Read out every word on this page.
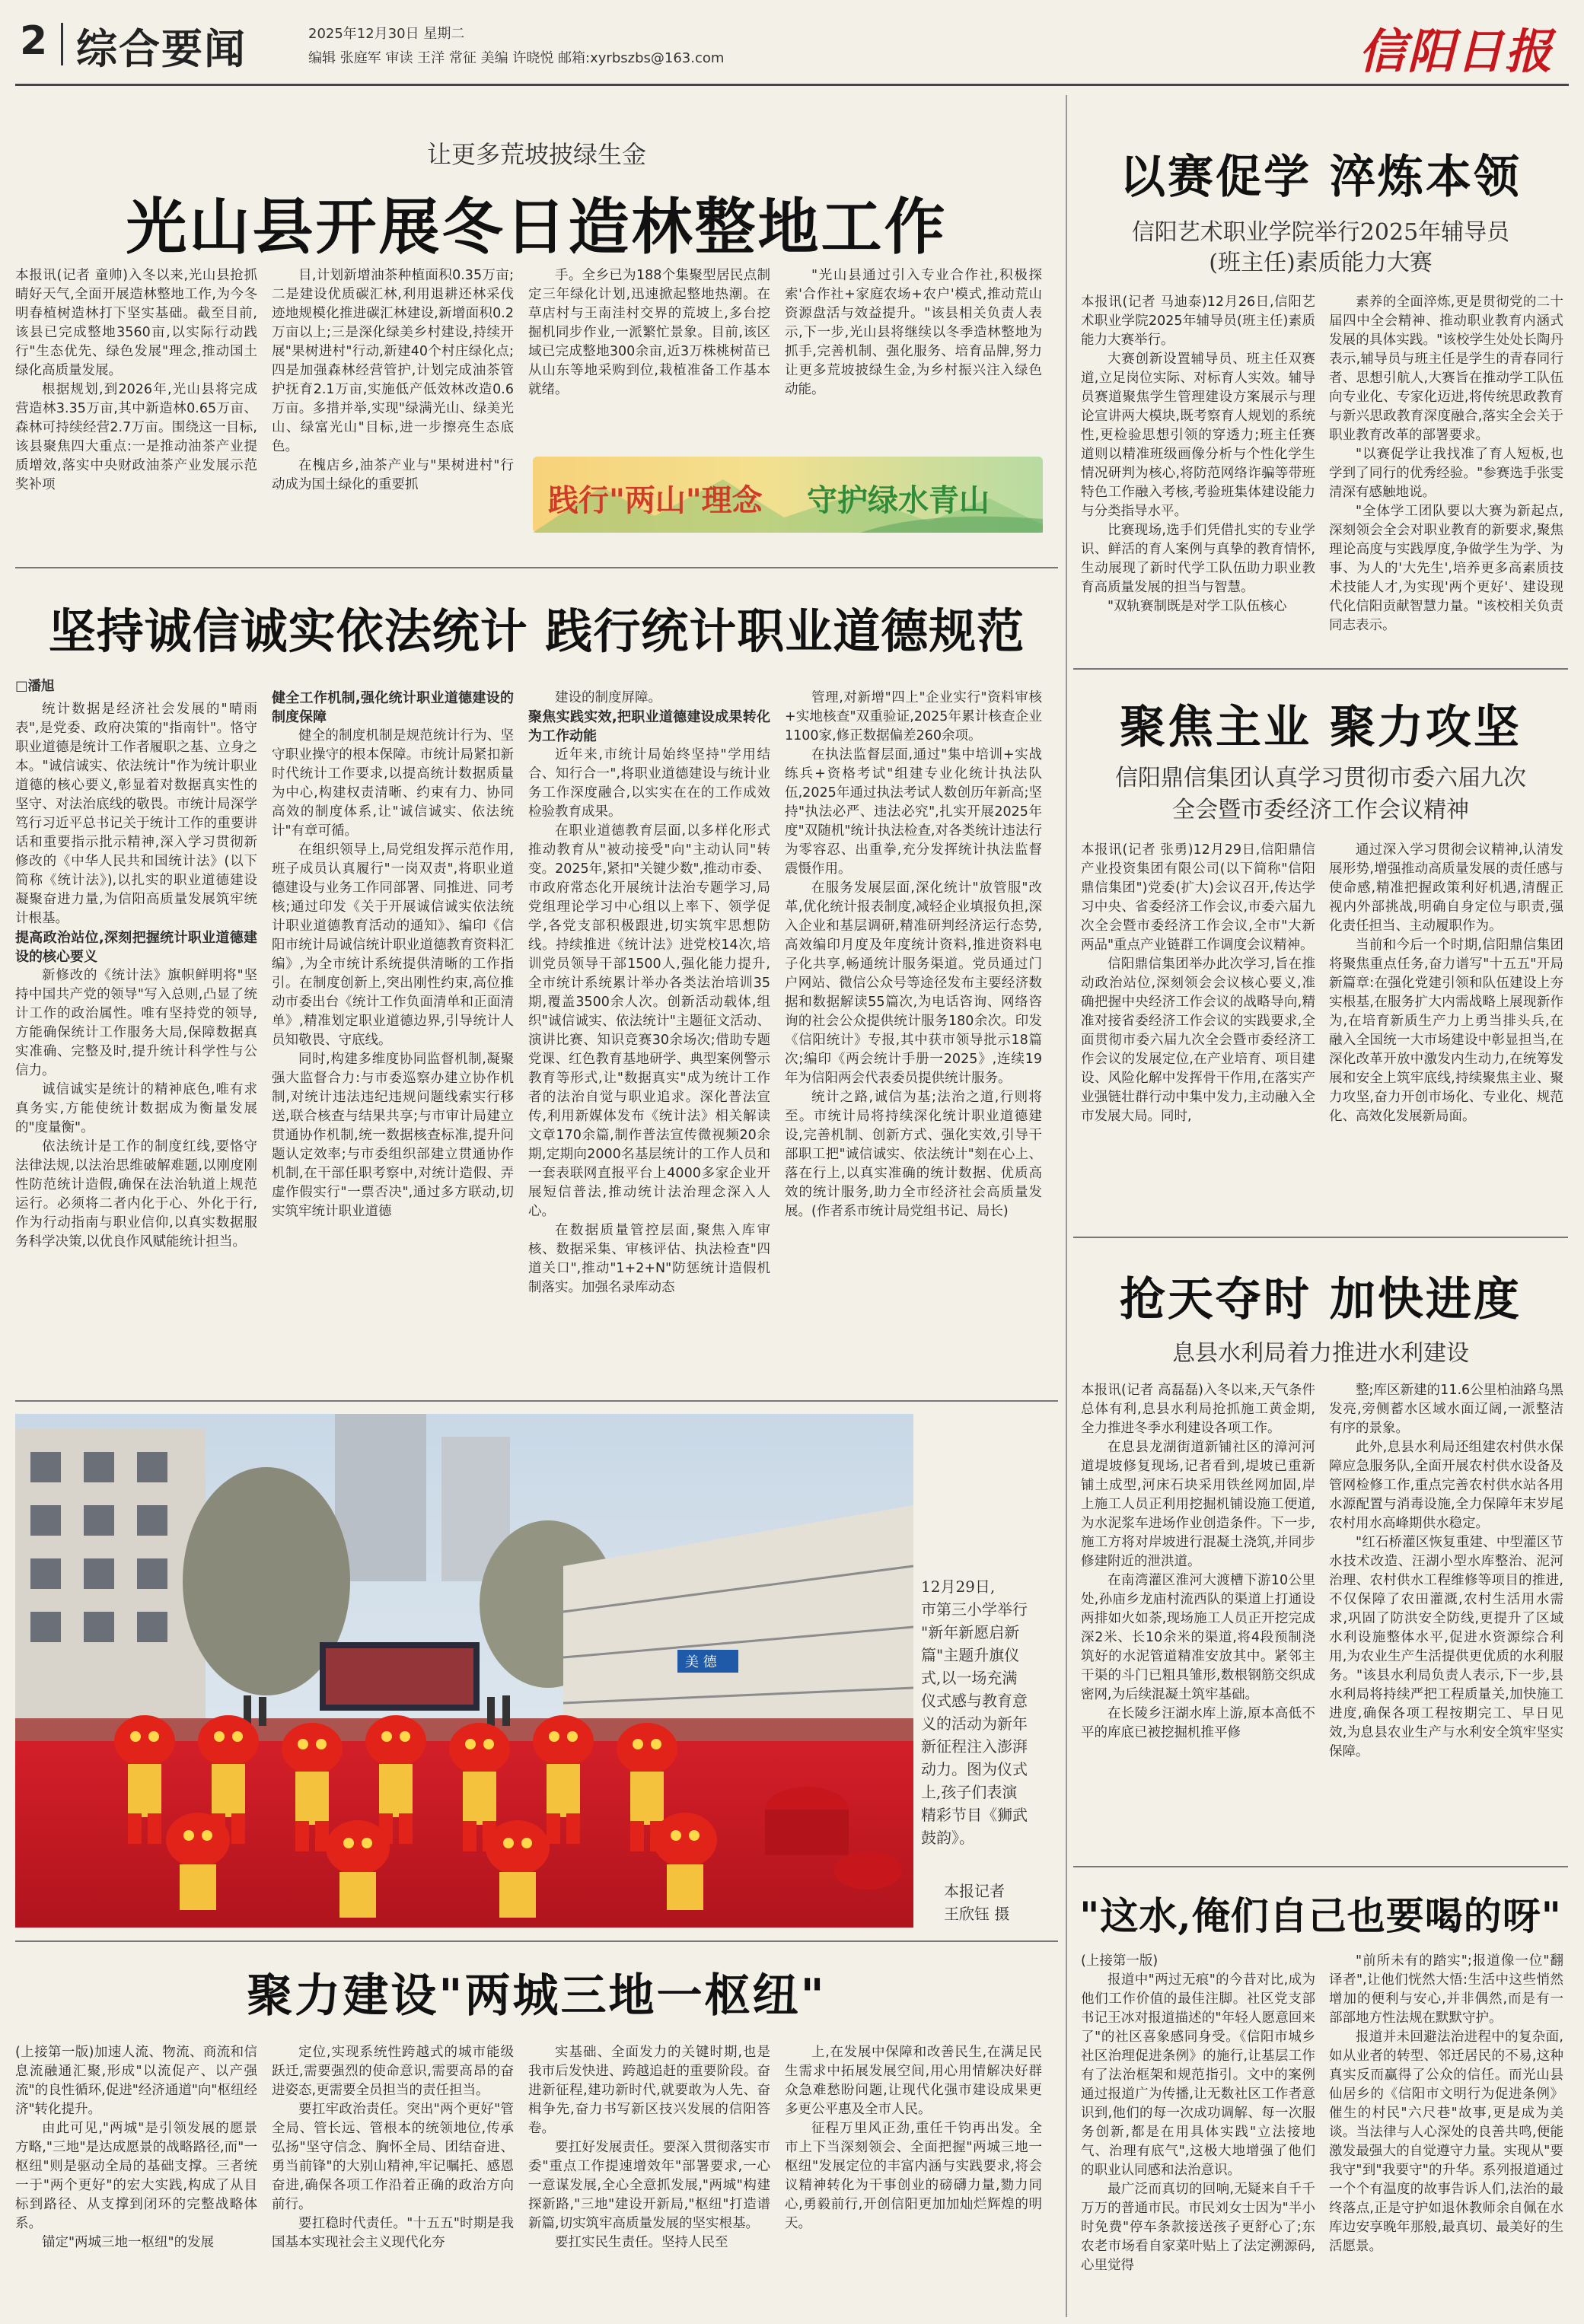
2 综合要闻	2025年12月30日 星期二
编辑 张庭军 审读 王洋 常征 美编 许晓悦 邮箱:xyrbszbs@163.com	信阳日报
让更多荒坡披绿生金
光山县开展冬日造林整地工作

本报讯(记者 童帅)入冬以来,光山县抢抓晴好天气,全面开展造林整地工作,为今冬明春植树造林打下坚实基础。截至目前,该县已完成整地3560亩,以实际行动践行"生态优先、绿色发展"理念,推动国土绿化高质量发展。

根据规划,到2026年,光山县将完成营造林3.35万亩,其中新造林0.65万亩、森林可持续经营2.7万亩。围绕这一目标,该县聚焦四大重点:一是推动油茶产业提质增效,落实中央财政油茶产业发展示范奖补项

目,计划新增油茶种植面积0.35万亩;二是建设优质碳汇林,利用退耕还林采伐迹地规模化推进碳汇林建设,新增面积0.2万亩以上;三是深化绿美乡村建设,持续开展"果树进村"行动,新建40个村庄绿化点;四是加强森林经营管护,计划完成油茶管护抚育2.1万亩,实施低产低效林改造0.6万亩。多措并举,实现"绿满光山、绿美光山、绿富光山"目标,进一步擦亮生态底色。

在槐店乡,油茶产业与"果树进村"行动成为国土绿化的重要抓

手。全乡已为188个集聚型居民点制定三年绿化计划,迅速掀起整地热潮。在草店村与王南洼村交界的荒坡上,多台挖掘机同步作业,一派繁忙景象。目前,该区域已完成整地300余亩,近3万株桃树苗已从山东等地采购到位,栽植准备工作基本就绪。

"光山县通过引入专业合作社,积极探索'合作社+家庭农场+农户'模式,推动荒山资源盘活与效益提升。"该县相关负责人表示,下一步,光山县将继续以冬季造林整地为抓手,完善机制、强化服务、培育品牌,努力让更多荒坡披绿生金,为乡村振兴注入绿色动能。

践行"两山"理念 守护绿水青山
坚持诚信诚实依法统计 践行统计职业道德规范
□潘旭

统计数据是经济社会发展的"晴雨表",是党委、政府决策的"指南针"。恪守职业道德是统计工作者履职之基、立身之本。"诚信诚实、依法统计"作为统计职业道德的核心要义,彰显着对数据真实性的坚守、对法治底线的敬畏。市统计局深学笃行习近平总书记关于统计工作的重要讲话和重要指示批示精神,深入学习贯彻新修改的《中华人民共和国统计法》(以下简称《统计法》),以扎实的职业道德建设凝聚奋进力量,为信阳高质量发展筑牢统计根基。

提高政治站位,深刻把握统计职业道德建设的核心要义

新修改的《统计法》旗帜鲜明将"坚持中国共产党的领导"写入总则,凸显了统计工作的政治属性。唯有坚持党的领导,方能确保统计工作服务大局,保障数据真实准确、完整及时,提升统计科学性与公信力。

诚信诚实是统计的精神底色,唯有求真务实,方能使统计数据成为衡量发展的"度量衡"。

依法统计是工作的制度红线,要恪守法律法规,以法治思维破解难题,以刚度刚性防范统计造假,确保在法治轨道上规范运行。必须将二者内化于心、外化于行,作为行动指南与职业信仰,以真实数据服务科学决策,以优良作风赋能统计担当。

健全工作机制,强化统计职业道德建设的制度保障

健全的制度机制是规范统计行为、坚守职业操守的根本保障。市统计局紧扣新时代统计工作要求,以提高统计数据质量为中心,构建权责清晰、约束有力、协同高效的制度体系,让"诚信诚实、依法统计"有章可循。

在组织领导上,局党组发挥示范作用,班子成员认真履行"一岗双责",将职业道德建设与业务工作同部署、同推进、同考核;通过印发《关于开展诚信诚实依法统计职业道德教育活动的通知》、编印《信阳市统计局诚信统计职业道德教育资料汇编》,为全市统计系统提供清晰的工作指引。在制度创新上,突出刚性约束,高位推动市委出台《统计工作负面清单和正面清单》,精准划定职业道德边界,引导统计人员知敬畏、守底线。

同时,构建多维度协同监督机制,凝聚强大监督合力:与市委巡察办建立协作机制,对统计违法违纪违规问题线索实行移送,联合核查与结果共享;与市审计局建立贯通协作机制,统一数据核查标准,提升问题认定效率;与市委组织部建立贯通协作机制,在干部任职考察中,对统计造假、弄虚作假实行"一票否决",通过多方联动,切实筑牢统计职业道德

建设的制度屏障。

聚焦实践实效,把职业道德建设成果转化为工作动能

近年来,市统计局始终坚持"学用结合、知行合一",将职业道德建设与统计业务工作深度融合,以实实在在的工作成效检验教育成果。

在职业道德教育层面,以多样化形式推动教育从"被动接受"向"主动认同"转变。2025年,紧扣"关键少数",推动市委、市政府常态化开展统计法治专题学习,局党组理论学习中心组以上率下、领学促学,各党支部积极跟进,切实筑牢思想防线。持续推进《统计法》进党校14次,培训党员领导干部1500人,强化能力提升,全市统计系统累计举办各类法治培训35期,覆盖3500余人次。创新活动载体,组织"诚信诚实、依法统计"主题征文活动、演讲比赛、知识竞赛30余场次;借助专题党课、红色教育基地研学、典型案例警示教育等形式,让"数据真实"成为统计工作者的法治自觉与职业追求。深化普法宣传,利用新媒体发布《统计法》相关解读文章170余篇,制作普法宣传微视频20余期,定期向2000名基层统计的工作人员和一套表联网直报平台上4000多家企业开展短信普法,推动统计法治理念深入人心。

在数据质量管控层面,聚焦入库审核、数据采集、审核评估、执法检查"四道关口",推动"1+2+N"防惩统计造假机制落实。加强名录库动态

管理,对新增"四上"企业实行"资料审核+实地核查"双重验证,2025年累计核查企业1100家,修正数据偏差260余项。

在执法监督层面,通过"集中培训+实战练兵+资格考试"组建专业化统计执法队伍,2025年通过执法考试人数创历年新高;坚持"执法必严、违法必究",扎实开展2025年度"双随机"统计执法检查,对各类统计违法行为零容忍、出重拳,充分发挥统计执法监督震慑作用。

在服务发展层面,深化统计"放管服"改革,优化统计报表制度,减轻企业填报负担,深入企业和基层调研,精准研判经济运行态势,高效编印月度及年度统计资料,推进资料电子化共享,畅通统计服务渠道。党员通过门户网站、微信公众号等途径发布主要经济数据和数据解读55篇次,为电话咨询、网络咨询的社会公众提供统计服务180余次。印发《信阳统计》专报,其中获市领导批示18篇次;编印《两会统计手册一2025》,连续19年为信阳两会代表委员提供统计服务。

统计之路,诚信为基;法治之道,行则将至。市统计局将持续深化统计职业道德建设,完善机制、创新方式、强化实效,引导干部职工把"诚信诚实、依法统计"刻在心上、落在行上,以真实准确的统计数据、优质高效的统计服务,助力全市经济社会高质量发展。(作者系市统计局党组书记、局长)

美 德
12月29日,
市第三小学举行
"新年新愿启新
篇"主题升旗仪
式,以一场充满
仪式感与教育意
义的活动为新年
新征程注入澎湃
动力。图为仪式
上,孩子们表演
精彩节目《狮武
鼓韵》。
本报记者
王欣钰 摄
聚力建设"两城三地一枢纽"

(上接第一版)加速人流、物流、商流和信息流融通汇聚,形成"以流促产、以产强流"的良性循环,促进"经济通道"向"枢纽经济"转化提升。

由此可见,"两城"是引领发展的愿景方略,"三地"是达成愿景的战略路径,而"一枢纽"则是驱动全局的基础支撑。三者统一于"两个更好"的宏大实践,构成了从目标到路径、从支撑到闭环的完整战略体系。

锚定"两城三地一枢纽"的发展

定位,实现系统性跨越式的城市能级跃迁,需要强烈的使命意识,需要高昂的奋进姿态,更需要全员担当的责任担当。

要扛牢政治责任。突出"两个更好"管全局、管长远、管根本的统领地位,传承弘扬"坚守信念、胸怀全局、团结奋进、勇当前锋"的大别山精神,牢记嘱托、感恩奋进,确保各项工作沿着正确的政治方向前行。

要扛稳时代责任。"十五五"时期是我国基本实现社会主义现代化夯

实基础、全面发力的关键时期,也是我市后发快进、跨越追赶的重要阶段。奋进新征程,建功新时代,就要敢为人先、奋楫争先,奋力书写新区技兴发展的信阳答卷。

要扛好发展责任。要深入贯彻落实市委"重点工作提速增效年"部署要求,一心一意谋发展,全心全意抓发展,"两城"构建探新路,"三地"建设开新局,"枢纽"打造谱新篇,切实筑牢高质量发展的坚实根基。

要扛实民生责任。坚持人民至

上,在发展中保障和改善民生,在满足民生需求中拓展发展空间,用心用情解决好群众急难愁盼问题,让现代化强市建设成果更多更公平惠及全市人民。

征程万里风正劲,重任千钧再出发。全市上下当深刻领会、全面把握"两城三地一枢纽"发展定位的丰富内涵与实践要求,将会议精神转化为干事创业的磅礴力量,勠力同心,勇毅前行,开创信阳更加加灿烂辉煌的明天。

以赛促学 淬炼本领
信阳艺术职业学院举行2025年辅导员
(班主任)素质能力大赛

本报讯(记者 马迪泰)12月26日,信阳艺术职业学院2025年辅导员(班主任)素质能力大赛举行。

大赛创新设置辅导员、班主任双赛道,立足岗位实际、对标育人实效。辅导员赛道聚焦学生管理建设方案展示与理论宣讲两大模块,既考察育人规划的系统性,更检验思想引领的穿透力;班主任赛道则以精准班级画像分析与个性化学生情况研判为核心,将防范网络诈骗等带班特色工作融入考核,考验班集体建设能力与分类指导水平。

比赛现场,选手们凭借扎实的专业学识、鲜活的育人案例与真挚的教育情怀,生动展现了新时代学工队伍助力职业教育高质量发展的担当与智慧。

"双轨赛制既是对学工队伍核心

素养的全面淬炼,更是贯彻党的二十届四中全会精神、推动职业教育内涵式发展的具体实践。"该校学生处处长陶丹表示,辅导员与班主任是学生的青春同行者、思想引航人,大赛旨在推动学工队伍向专业化、专家化迈进,将传统思政教育与新兴思政教育深度融合,落实全会关于职业教育改革的部署要求。

"以赛促学让我找准了育人短板,也学到了同行的优秀经验。"参赛选手张雯清深有感触地说。

"全体学工团队要以大赛为新起点,深刻领会全会对职业教育的新要求,聚焦理论高度与实践厚度,争做学生为学、为事、为人的'大先生',培养更多高素质技术技能人才,为实现'两个更好'、建设现代化信阳贡献智慧力量。"该校相关负责同志表示。

聚焦主业 聚力攻坚
信阳鼎信集团认真学习贯彻市委六届九次
全会暨市委经济工作会议精神

本报讯(记者 张勇)12月29日,信阳鼎信产业投资集团有限公司(以下简称"信阳鼎信集团")党委(扩大)会议召开,传达学习中央、省委经济工作会议,市委六届九次全会暨市委经济工作会议,全市"大新两品"重点产业链群工作调度会议精神。

信阳鼎信集团举办此次学习,旨在推动政治站位,深刻领会会议核心要义,准确把握中央经济工作会议的战略导向,精准对接省委经济工作会议的实践要求,全面贯彻市委六届九次全会暨市委经济工作会议的发展定位,在产业培育、项目建设、风险化解中发挥骨干作用,在落实产业强链壮群行动中集中发力,主动融入全市发展大局。同时,

通过深入学习贯彻会议精神,认清发展形势,增强推动高质量发展的责任感与使命感,精准把握政策利好机遇,清醒正视内外部挑战,明确自身定位与职责,强化责任担当、主动履职作为。

当前和今后一个时期,信阳鼎信集团将聚焦重点任务,奋力谱写"十五五"开局新篇章:在强化党建引领和队伍建设上夯实根基,在服务扩大内需战略上展现新作为,在培育新质生产力上勇当排头兵,在融入全国统一大市场建设中彰显担当,在深化改革开放中激发内生动力,在统筹发展和安全上筑牢底线,持续聚焦主业、聚力攻坚,奋力开创市场化、专业化、规范化、高效化发展新局面。

抢天夺时 加快进度
息县水利局着力推进水利建设

本报讯(记者 高磊磊)入冬以来,天气条件总体有利,息县水利局抢抓施工黄金期,全力推进冬季水利建设各项工作。

在息县龙湖街道新铺社区的漳河河道堤坡修复现场,记者看到,堤坡已重新铺土成型,河床石块采用铁丝网加固,岸上施工人员正利用挖掘机铺设施工便道,为水泥浆车进场作业创造条件。下一步,施工方将对岸坡进行混凝土浇筑,并同步修建附近的泄洪道。

在南湾灌区淮河大渡槽下游10公里处,孙庙乡龙庙村流西队的渠道上打通设两排如火如荼,现场施工人员正开挖完成深2米、长10余米的渠道,将4段预制浇筑好的水泥管道精准安放其中。紧邻主干渠的斗门已粗具雏形,数根钢筋交织成密网,为后续混凝土筑牢基础。

在长陵乡汪湖水库上游,原本高低不平的库底已被挖掘机推平修

整;库区新建的11.6公里柏油路乌黑发亮,旁侧蓄水区域水面辽阔,一派整洁有序的景象。

此外,息县水利局还组建农村供水保障应急服务队,全面开展农村供水设备及管网检修工作,重点完善农村供水站各用水源配置与消毒设施,全力保障年末岁尾农村用水高峰期供水稳定。

"红石桥灌区恢复重建、中型灌区节水技术改造、汪湖小型水库整治、泥河治理、农村供水工程维修等项目的推进,不仅保障了农田灌溉,农村生活用水需求,巩固了防洪安全防线,更提升了区域水利设施整体水平,促进水资源综合利用,为农业生产生活提供更优质的水利服务。"该县水利局负责人表示,下一步,县水利局将持续严把工程质量关,加快施工进度,确保各项工程按期完工、早日见效,为息县农业生产与水利安全筑牢坚实保障。

"这水,俺们自己也要喝的呀"

(上接第一版)

报道中"两过无痕"的今昔对比,成为他们工作价值的最佳注脚。社区党支部书记王冰对报道描述的"年轻人愿意回来了"的社区喜象感同身受。《信阳市城乡社区治理促进条例》的施行,让基层工作有了法治框架和规范指引。文中的案例通过报道广为传播,让无数社区工作者意识到,他们的每一次成功调解、每一次服务创新,都是在用具体实践"立法接地气、治理有底气",这极大地增强了他们的职业认同感和法治意识。

最广泛而真切的回响,无疑来自千千万万的普通市民。市民刘女士因为"半小时免费"停车条款接送孩子更舒心了;东农老市场看自家菜叶贴上了法定溯源码,心里觉得

"前所未有的踏实";报道像一位"翻译者",让他们恍然大悟:生活中这些悄然增加的便利与安心,并非偶然,而是有一部部地方性法规在默默守护。

报道并未回避法治进程中的复杂面,如从业者的转型、邻迁居民的不易,这种真实反而赢得了公众的信任。而光山县仙居乡的《信阳市文明行为促进条例》催生的村民"六尺巷"故事,更是成为美谈。当法律与人心深处的良善共鸣,便能激发最强大的自觉遵守力量。实现从"要我守"到"我要守"的升华。系列报道通过一个个有温度的故事告诉人们,法治的最终落点,正是守护如退休教师余自佩在水库边安享晚年那般,最真切、最美好的生活愿景。
